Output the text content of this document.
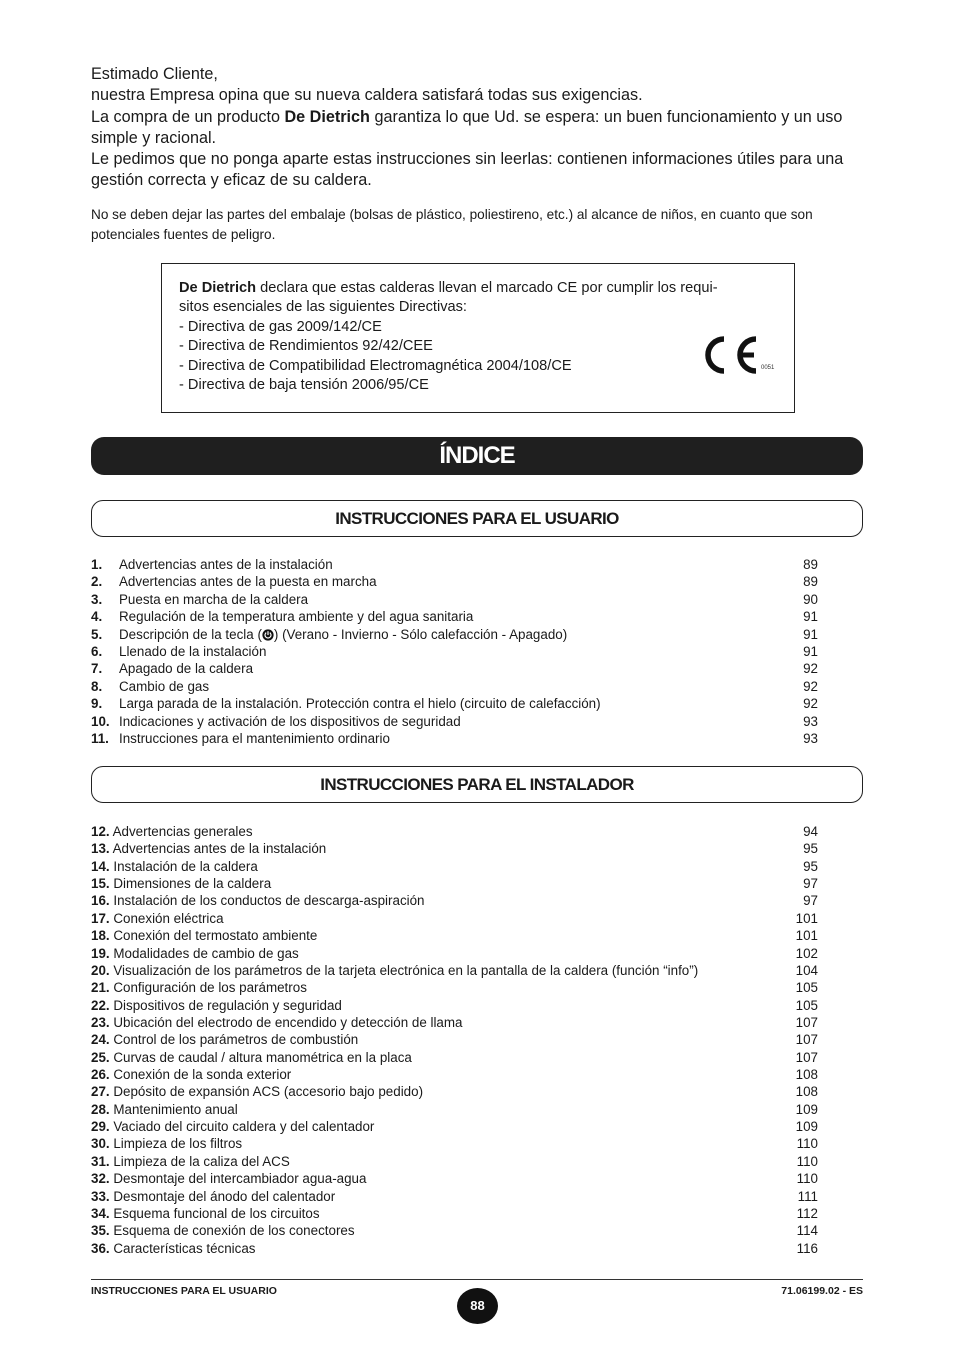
Estimado Cliente,

nuestra Empresa opina que su nueva caldera satisfará todas sus exigencias.

La compra de un producto De Dietrich garantiza lo que Ud. se espera: un buen funcionamiento y un uso simple y racional.

Le pedimos que no ponga aparte estas instrucciones sin leerlas: contienen informaciones útiles para una gestión correcta y eficaz de su caldera.

No se deben dejar las partes del embalaje (bolsas de plástico, poliestireno, etc.) al alcance de niños, en cuanto que son potenciales fuentes de peligro.
De Dietrich declara que estas calderas llevan el marcado CE por cumplir los requi-
sitos esenciales de las siguientes Directivas:
- Directiva de gas 2009/142/CE
- Directiva de Rendimientos 92/42/CEE
- Directiva de Compatibilidad Electromagnética 2004/108/CE
- Directiva de baja tensión 2006/95/CE
0051
ÍNDICE
INSTRUCCIONES PARA EL USUARIO
1. Advertencias antes de la instalación	89
2. Advertencias antes de la puesta en marcha	89
3. Puesta en marcha de la caldera	90
4. Regulación de la temperatura ambiente y del agua sanitaria	91
5. Descripción de la tecla ( ) (Verano - Invierno - Sólo calefacción - Apagado)	91
6. Llenado de la instalación	91
7. Apagado de la caldera	92
8. Cambio de gas	92
9. Larga parada de la instalación. Protección contra el hielo (circuito de calefacción)	92
10. Indicaciones y activación de los dispositivos de seguridad	93
11. Instrucciones para el mantenimiento ordinario	93
INSTRUCCIONES PARA EL INSTALADOR
12. Advertencias generales	94
13. Advertencias antes de la instalación	95
14. Instalación de la caldera	95
15. Dimensiones de la caldera	97
16. Instalación de los conductos de descarga-aspiración	97
17. Conexión eléctrica	101
18. Conexión del termostato ambiente	101
19. Modalidades de cambio de gas	102
20. Visualización de los parámetros de la tarjeta electrónica en la pantalla de la caldera (función “info”)	104
21. Configuración de los parámetros	105
22. Dispositivos de regulación y seguridad	105
23. Ubicación del electrodo de encendido y detección de llama	107
24. Control de los parámetros de combustión	107
25. Curvas de caudal / altura manométrica en la placa	107
26. Conexión de la sonda exterior	108
27. Depósito de expansión ACS (accesorio bajo pedido)	108
28. Mantenimiento anual	109
29. Vaciado del circuito caldera y del calentador	109
30. Limpieza de los filtros	110
31. Limpieza de la caliza del ACS	110
32. Desmontaje del intercambiador agua-agua	110
33. Desmontaje del ánodo del calentador	111
34. Esquema funcional de los circuitos	112
35. Esquema de conexión de los conectores	114
36. Características técnicas	116
INSTRUCCIONES PARA EL USUARIO
88
71.06199.02 - ES
